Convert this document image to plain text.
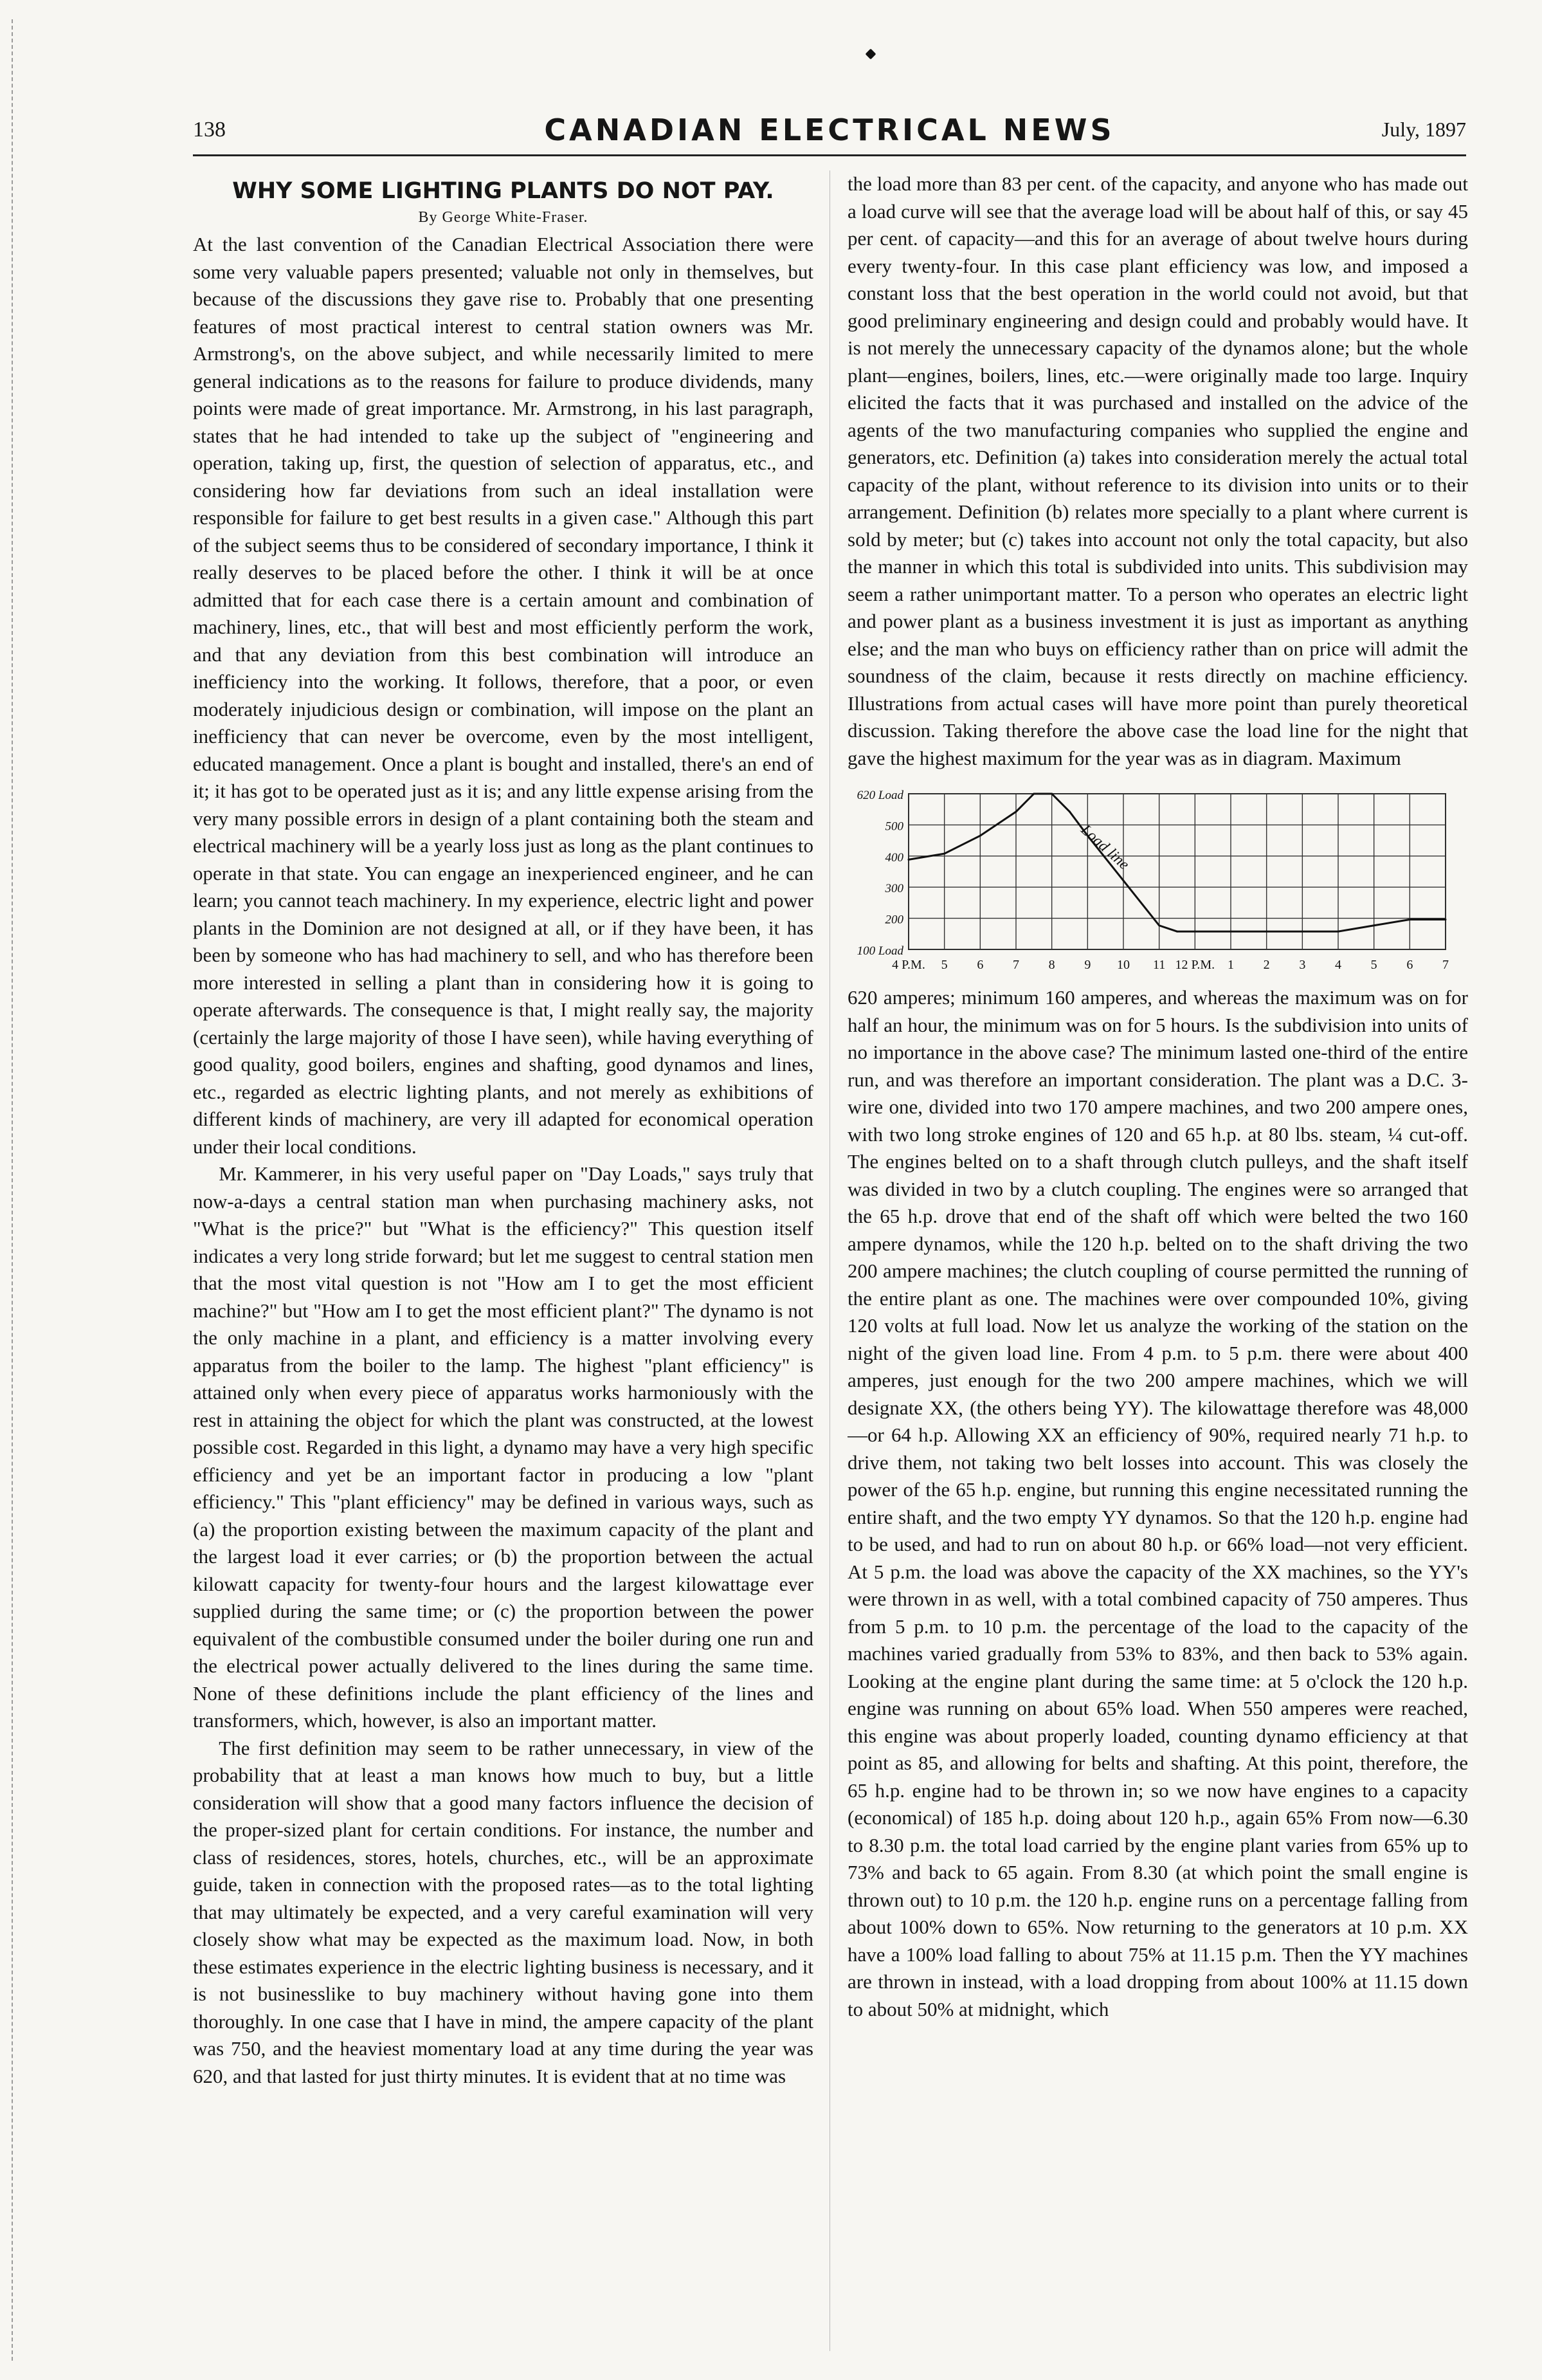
138	CANADIAN ELECTRICAL NEWS	July, 1897
WHY SOME LIGHTING PLANTS DO NOT PAY.
By George White-Fraser.

At the last convention of the Canadian Electrical Association there were some very valuable papers presented; valuable not only in themselves, but because of the discussions they gave rise to. Probably that one presenting features of most practical interest to central station owners was Mr. Armstrong's, on the above subject, and while necessarily limited to mere general indications as to the reasons for failure to produce dividends, many points were made of great importance. Mr. Armstrong, in his last paragraph, states that he had intended to take up the subject of "engineering and operation, taking up, first, the question of selection of apparatus, etc., and considering how far deviations from such an ideal installation were responsible for failure to get best results in a given case." Although this part of the subject seems thus to be considered of secondary importance, I think it really deserves to be placed before the other. I think it will be at once admitted that for each case there is a certain amount and combination of machinery, lines, etc., that will best and most efficiently perform the work, and that any deviation from this best combination will introduce an inefficiency into the working. It follows, therefore, that a poor, or even moderately injudicious design or combination, will impose on the plant an inefficiency that can never be overcome, even by the most intelligent, educated management. Once a plant is bought and installed, there's an end of it; it has got to be operated just as it is; and any little expense arising from the very many possible errors in design of a plant containing both the steam and electrical machinery will be a yearly loss just as long as the plant continues to operate in that state. You can engage an inexperienced engineer, and he can learn; you cannot teach machinery. In my experience, electric light and power plants in the Dominion are not designed at all, or if they have been, it has been by someone who has had machinery to sell, and who has therefore been more interested in selling a plant than in considering how it is going to operate afterwards. The consequence is that, I might really say, the majority (certainly the large majority of those I have seen), while having everything of good quality, good boilers, engines and shafting, good dynamos and lines, etc., regarded as electric lighting plants, and not merely as exhibitions of different kinds of machinery, are very ill adapted for economical operation under their local conditions.

Mr. Kammerer, in his very useful paper on "Day Loads," says truly that now-a-days a central station man when purchasing machinery asks, not "What is the price?" but "What is the efficiency?" This question itself indicates a very long stride forward; but let me suggest to central station men that the most vital question is not "How am I to get the most efficient machine?" but "How am I to get the most efficient plant?" The dynamo is not the only machine in a plant, and efficiency is a matter involving every apparatus from the boiler to the lamp. The highest "plant efficiency" is attained only when every piece of apparatus works harmoniously with the rest in attaining the object for which the plant was constructed, at the lowest possible cost. Regarded in this light, a dynamo may have a very high specific efficiency and yet be an important factor in producing a low "plant efficiency." This "plant efficiency" may be defined in various ways, such as (a) the proportion existing between the maximum capacity of the plant and the largest load it ever carries; or (b) the proportion between the actual kilowatt capacity for twenty-four hours and the largest kilowattage ever supplied during the same time; or (c) the proportion between the power equivalent of the combustible consumed under the boiler during one run and the electrical power actually delivered to the lines during the same time. None of these definitions include the plant efficiency of the lines and transformers, which, however, is also an important matter.

The first definition may seem to be rather unnecessary, in view of the probability that at least a man knows how much to buy, but a little consideration will show that a good many factors influence the decision of the proper-sized plant for certain conditions. For instance, the number and class of residences, stores, hotels, churches, etc., will be an approximate guide, taken in connection with the proposed rates—as to the total lighting that may ultimately be expected, and a very careful examination will very closely show what may be expected as the maximum load. Now, in both these estimates experience in the electric lighting business is necessary, and it is not businesslike to buy machinery without having gone into them thoroughly. In one case that I have in mind, the ampere capacity of the plant was 750, and the heaviest momentary load at any time during the year was 620, and that lasted for just thirty minutes. It is evident that at no time was

the load more than 83 per cent. of the capacity, and anyone who has made out a load curve will see that the average load will be about half of this, or say 45 per cent. of capacity—and this for an average of about twelve hours during every twenty-four. In this case plant efficiency was low, and imposed a constant loss that the best operation in the world could not avoid, but that good preliminary engineering and design could and probably would have. It is not merely the unnecessary capacity of the dynamos alone; but the whole plant—engines, boilers, lines, etc.—were originally made too large. Inquiry elicited the facts that it was purchased and installed on the advice of the agents of the two manufacturing companies who supplied the engine and generators, etc. Definition (a) takes into consideration merely the actual total capacity of the plant, without reference to its division into units or to their arrangement. Definition (b) relates more specially to a plant where current is sold by meter; but (c) takes into account not only the total capacity, but also the manner in which this total is subdivided into units. This subdivision may seem a rather unimportant matter. To a person who operates an electric light and power plant as a business investment it is just as important as anything else; and the man who buys on efficiency rather than on price will admit the soundness of the claim, because it rests directly on machine efficiency. Illustrations from actual cases will have more point than purely theoretical discussion. Taking therefore the above case the load line for the night that gave the highest maximum for the year was as in diagram. Maximum

620 Load
500
400
300
200
100 Load
4 P.M. 5 6 7 8 9 10 11 12 P.M. 1 2 3 4 5 6 7
Load line

620 amperes; minimum 160 amperes, and whereas the maximum was on for half an hour, the minimum was on for 5 hours. Is the subdivision into units of no importance in the above case? The minimum lasted one-third of the entire run, and was therefore an important consideration. The plant was a D.C. 3-wire one, divided into two 170 ampere machines, and two 200 ampere ones, with two long stroke engines of 120 and 65 h.p. at 80 lbs. steam, ¼ cut-off. The engines belted on to a shaft through clutch pulleys, and the shaft itself was divided in two by a clutch coupling. The engines were so arranged that the 65 h.p. drove that end of the shaft off which were belted the two 160 ampere dynamos, while the 120 h.p. belted on to the shaft driving the two 200 ampere machines; the clutch coupling of course permitted the running of the entire plant as one. The machines were over compounded 10%, giving 120 volts at full load. Now let us analyze the working of the station on the night of the given load line. From 4 p.m. to 5 p.m. there were about 400 amperes, just enough for the two 200 ampere machines, which we will designate XX, (the others being YY). The kilowattage therefore was 48,000—or 64 h.p. Allowing XX an efficiency of 90%, required nearly 71 h.p. to drive them, not taking two belt losses into account. This was closely the power of the 65 h.p. engine, but running this engine necessitated running the entire shaft, and the two empty YY dynamos. So that the 120 h.p. engine had to be used, and had to run on about 80 h.p. or 66% load—not very efficient. At 5 p.m. the load was above the capacity of the XX machines, so the YY's were thrown in as well, with a total combined capacity of 750 amperes. Thus from 5 p.m. to 10 p.m. the percentage of the load to the capacity of the machines varied gradually from 53% to 83%, and then back to 53% again. Looking at the engine plant during the same time: at 5 o'clock the 120 h.p. engine was running on about 65% load. When 550 amperes were reached, this engine was about properly loaded, counting dynamo efficiency at that point as 85, and allowing for belts and shafting. At this point, therefore, the 65 h.p. engine had to be thrown in; so we now have engines to a capacity (economical) of 185 h.p. doing about 120 h.p., again 65% From now—6.30 to 8.30 p.m. the total load carried by the engine plant varies from 65% up to 73% and back to 65 again. From 8.30 (at which point the small engine is thrown out) to 10 p.m. the 120 h.p. engine runs on a percentage falling from about 100% down to 65%. Now returning to the generators at 10 p.m. XX have a 100% load falling to about 75% at 11.15 p.m. Then the YY machines are thrown in instead, with a load dropping from about 100% at 11.15 down to about 50% at midnight, which
